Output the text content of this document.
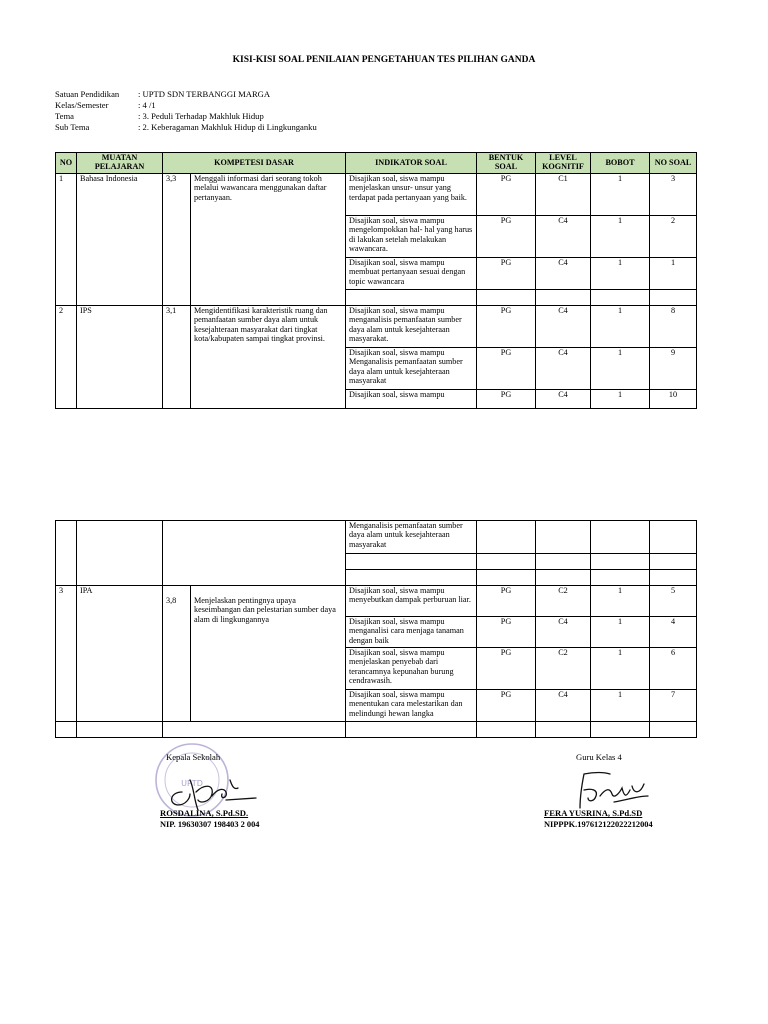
KISI-KISI SOAL PENILAIAN PENGETAHUAN TES PILIHAN GANDA
Satuan Pendidikan	: UPTD SDN TERBANGGI MARGA
Kelas/Semester	: 4 /1
Tema	: 3. Peduli Terhadap Makhluk Hidup
Sub Tema	: 2. Keberagaman Makhluk Hidup di Lingkunganku
NO	MUATAN PELAJARAN	KOMPETESI DASAR		INDIKATOR SOAL	BENTUK SOAL	LEVEL KOGNITIF	BOBOT	NO SOAL
1	Bahasa Indonesia	3,3	Menggali informasi dari seorang tokoh melalui wawancara menggunakan daftar pertanyaan.	Disajikan soal, siswa mampu menjelaskan unsur- unsur yang terdapat pada pertanyaan yang baik.	PG	C1	1	3
				Disajikan soal, siswa mampu mengelompokkan hal- hal yang harus di lakukan setelah melakukan wawancara.	PG	C4	1	2
				Disajikan soal, siswa mampu membuat pertanyaan sesuai dengan topic wawancara	PG	C4	1	1

2	IPS	3,1	Mengidentifikasi karakteristik ruang dan pemanfaatan sumber daya alam untuk kesejahteraan masyarakat dari tingkat kota/kabupaten sampai tingkat provinsi.	Disajikan soal, siswa mampu menganalisis pemanfaatan sumber daya alam untuk kesejahteraan masyarakat.	PG	C4	1	8
				Disajikan soal, siswa mampu Menganalisis pemanfaatan sumber daya alam untuk kesejahteraan masyarakat	PG	C4	1	9
				Disajikan soal, siswa mampu	PG	C4	1	10
				Menganalisis pemanfaatan sumber daya alam untuk kesejahteraan masyarakat				

3	IPA	3,8	Menjelaskan pentingnya upaya keseimbangan dan pelestarian sumber daya alam di lingkungannya	Disajikan soal, siswa mampu menyebutkan dampak perburuan liar.	PG	C2	1	5
				Disajikan soal, siswa mampu menganalisi cara menjaga tanaman dengan baik	PG	C4	1	4
				Disajikan soal, siswa mampu menjelaskan penyebab dari terancamnya kepunahan burung cendrawasih.	PG	C2	1	6
				Disajikan soal, siswa mampu menentukan cara melestarikan dan melindungi hewan langka	PG	C4	1	7

UPTD
Kepala Sekolah
ROSDALINA, S.Pd.SD.
NIP. 19630307 198403 2 004
Guru Kelas 4
FERA YUSRINA, S.Pd.SD
NIPPPK.197612122022212004
